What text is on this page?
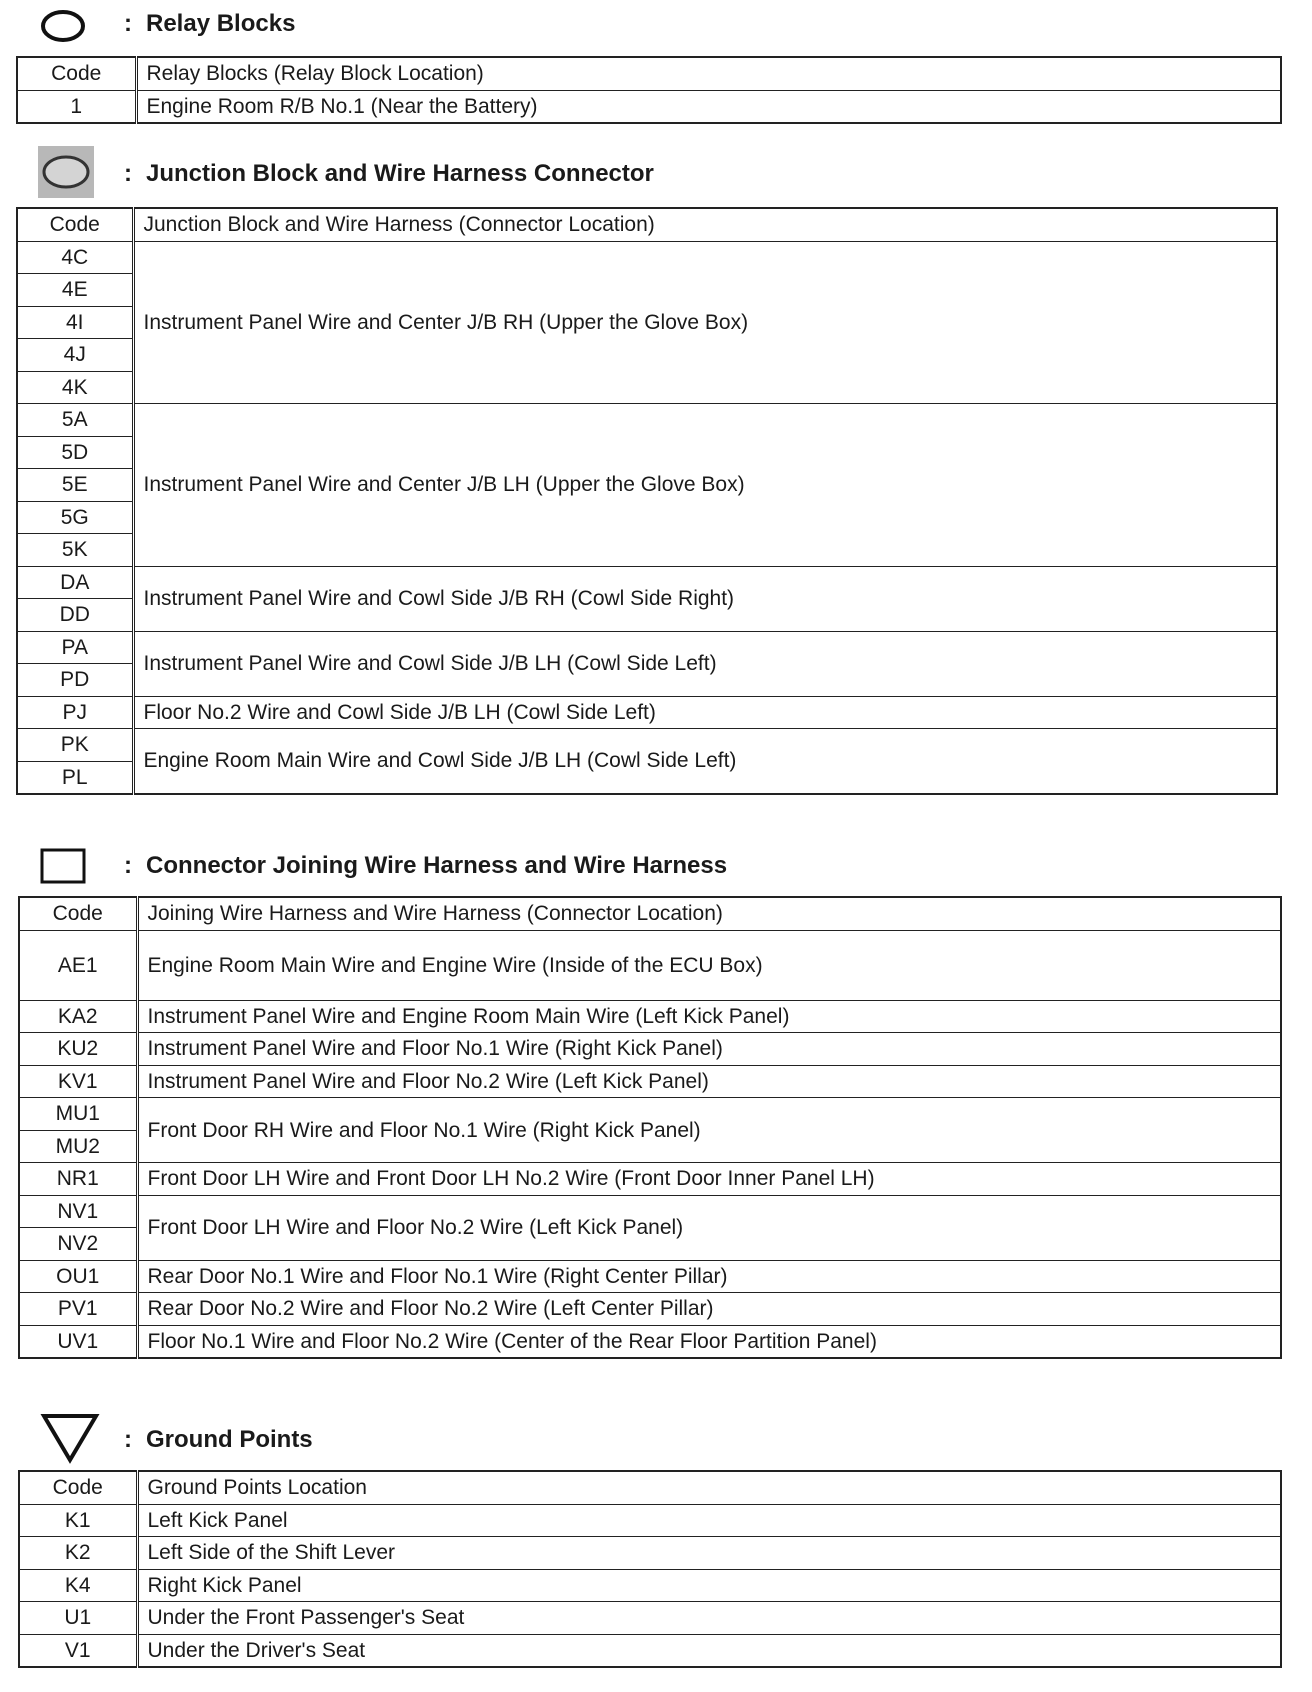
: Relay Blocks
Code	Relay Blocks (Relay Block Location)
1	Engine Room R/B No.1 (Near the Battery)
: Junction Block and Wire Harness Connector
Code	Junction Block and Wire Harness (Connector Location)
4C	Instrument Panel Wire and Center J/B RH (Upper the Glove Box)
4E	
4I	
4J	
4K	
5A	Instrument Panel Wire and Center J/B LH (Upper the Glove Box)
5D	
5E	
5G	
5K	
DA	Instrument Panel Wire and Cowl Side J/B RH (Cowl Side Right)
DD	
PA	Instrument Panel Wire and Cowl Side J/B LH (Cowl Side Left)
PD	
PJ	Floor No.2 Wire and Cowl Side J/B LH (Cowl Side Left)
PK	Engine Room Main Wire and Cowl Side J/B LH (Cowl Side Left)
PL	
: Connector Joining Wire Harness and Wire Harness
Code	Joining Wire Harness and Wire Harness (Connector Location)
AE1	Engine Room Main Wire and Engine Wire (Inside of the ECU Box)
KA2	Instrument Panel Wire and Engine Room Main Wire (Left Kick Panel)
KU2	Instrument Panel Wire and Floor No.1 Wire (Right Kick Panel)
KV1	Instrument Panel Wire and Floor No.2 Wire (Left Kick Panel)
MU1	Front Door RH Wire and Floor No.1 Wire (Right Kick Panel)
MU2	
NR1	Front Door LH Wire and Front Door LH No.2 Wire (Front Door Inner Panel LH)
NV1	Front Door LH Wire and Floor No.2 Wire (Left Kick Panel)
NV2	
OU1	Rear Door No.1 Wire and Floor No.1 Wire (Right Center Pillar)
PV1	Rear Door No.2 Wire and Floor No.2 Wire (Left Center Pillar)
UV1	Floor No.1 Wire and Floor No.2 Wire (Center of the Rear Floor Partition Panel)
: Ground Points
Code	Ground Points Location
K1	Left Kick Panel
K2	Left Side of the Shift Lever
K4	Right Kick Panel
U1	Under the Front Passenger's Seat
V1	Under the Driver's Seat
